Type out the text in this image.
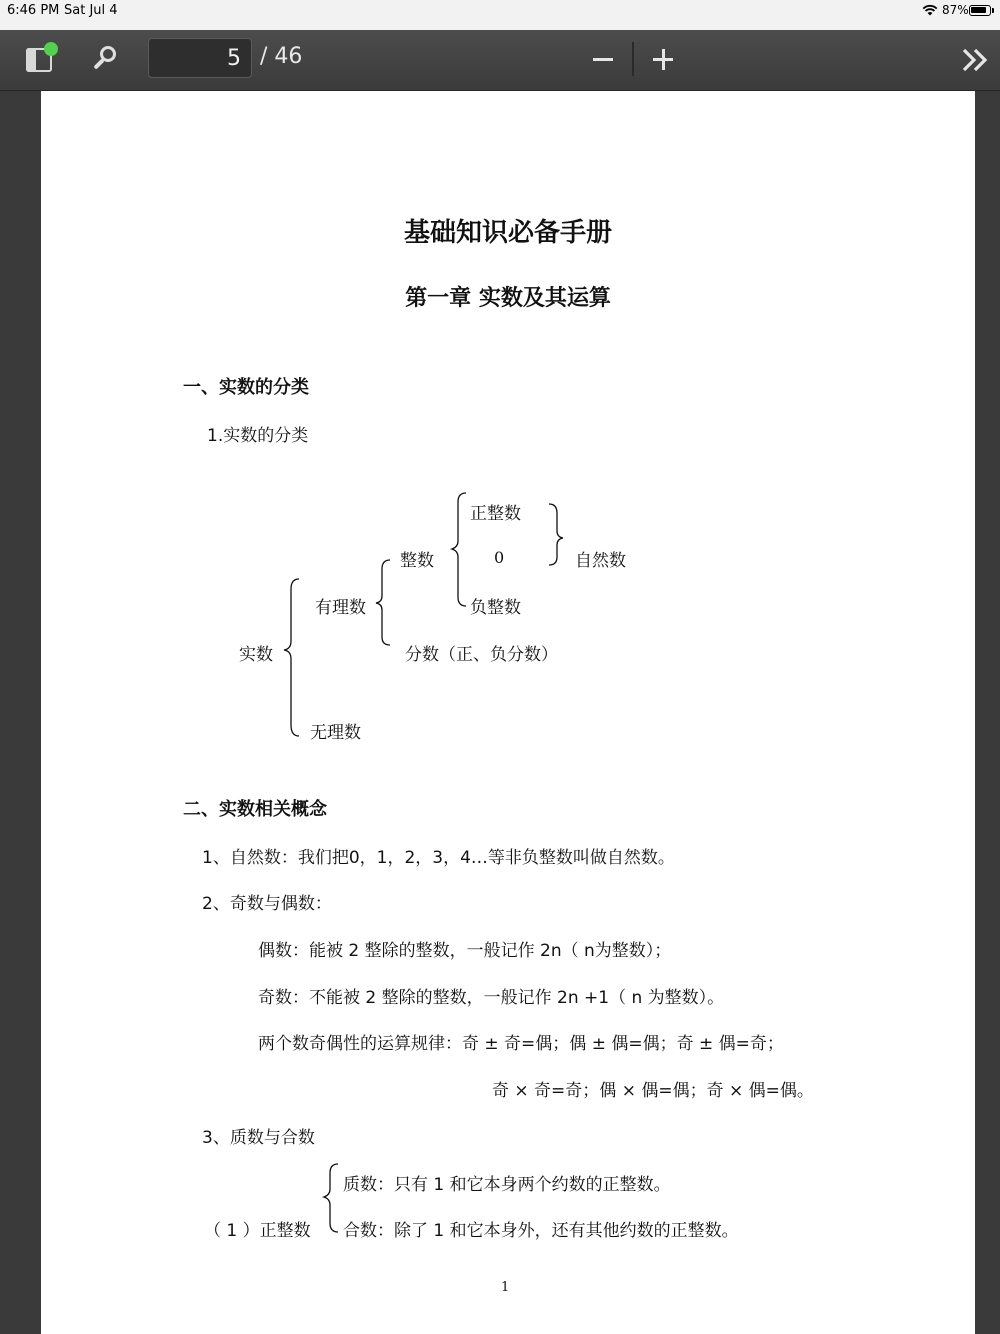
6:46 PM Sat Jul 4	87%
5
/ 46
基础知识必备手册
第一章 实数及其运算
一、实数的分类
1.实数的分类
正整数
整数	0	自然数
有理数	负整数
实数	分数（正、负分数）
无理数
二、实数相关概念
1、自然数：我们把0，1，2，3，4…等非负整数叫做自然数。
2、奇数与偶数：
偶数：能被 2 整除的整数，一般记作 2n（ n为整数）；
奇数：不能被 2 整除的整数，一般记作 2n +1（ n 为整数）。
两个数奇偶性的运算规律：奇 ± 奇=偶；偶 ± 偶=偶；奇 ± 偶=奇；
奇 × 奇=奇；偶 × 偶=偶；奇 × 偶=偶。
3、质数与合数
质数：只有 1 和它本身两个约数的正整数。
（ 1 ）正整数 合数：除了 1 和它本身外，还有其他约数的正整数。
1
